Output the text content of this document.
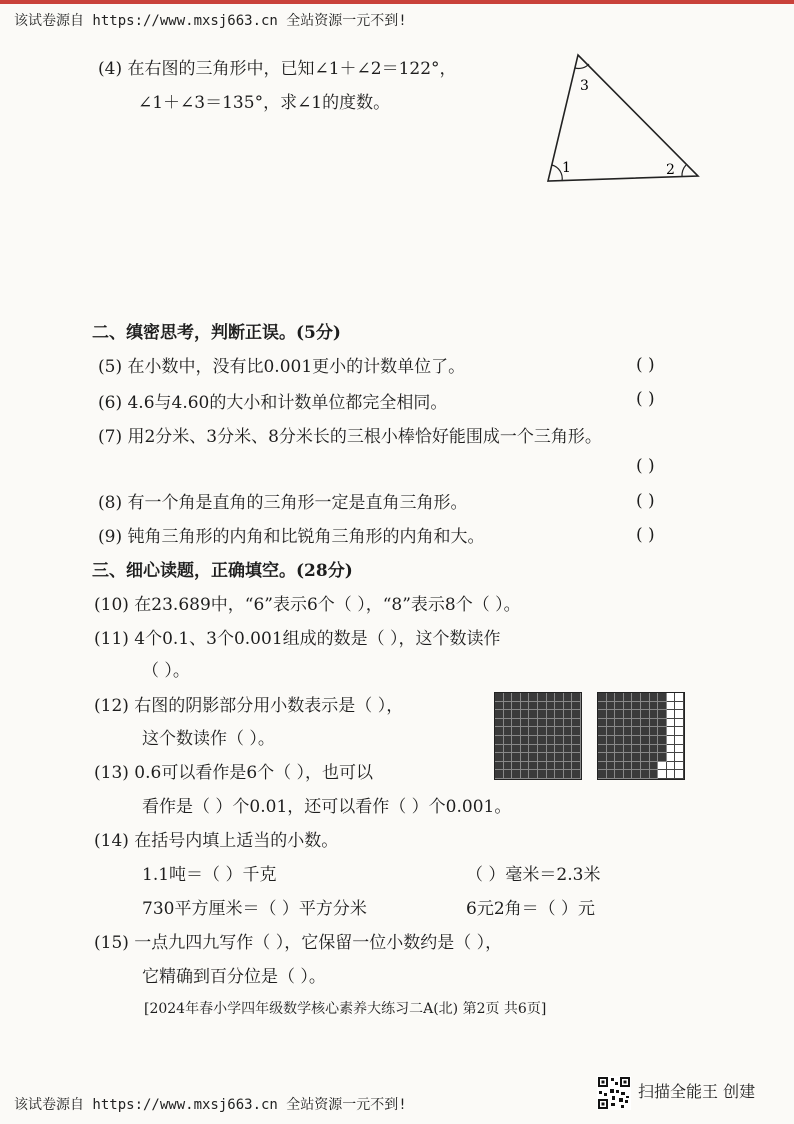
该试卷源自 https://www.mxsj663.cn 全站资源一元不到!
(4) 在右图的三角形中，已知∠1＋∠2＝122°，
∠1＋∠3＝135°，求∠1的度数。
1	2
3
二、缜密思考，判断正误。(5分)
(5) 在小数中，没有比0.001更小的计数单位了。	( )
(6) 4.6与4.60的大小和计数单位都完全相同。	( )
(7) 用2分米、3分米、8分米长的三根小棒恰好能围成一个三角形。
( )
(8) 有一个角是直角的三角形一定是直角三角形。	( )
(9) 钝角三角形的内角和比锐角三角形的内角和大。	( )
三、细心读题，正确填空。(28分)
(10) 在23.689中，“6”表示6个（ ），“8”表示8个（ ）。
(11) 4个0.1、3个0.001组成的数是（ ），这个数读作
（ ）。
(12) 右图的阴影部分用小数表示是（ ），
这个数读作（ ）。
(13) 0.6可以看作是6个（ ），也可以
看作是（ ）个0.01，还可以看作（ ）个0.001。
(14) 在括号内填上适当的小数。
1.1吨＝（ ）千克	（ ）毫米＝2.3米
730平方厘米＝（ ）平方分米	6元2角＝（ ）元
(15) 一点九四九写作（ ），它保留一位小数约是（ ），
它精确到百分位是（ ）。
[2024年春小学四年级数学核心素养大练习二A(北) 第2页 共6页]
该试卷源自 https://www.mxsj663.cn 全站资源一元不到!
扫描全能王 创建
